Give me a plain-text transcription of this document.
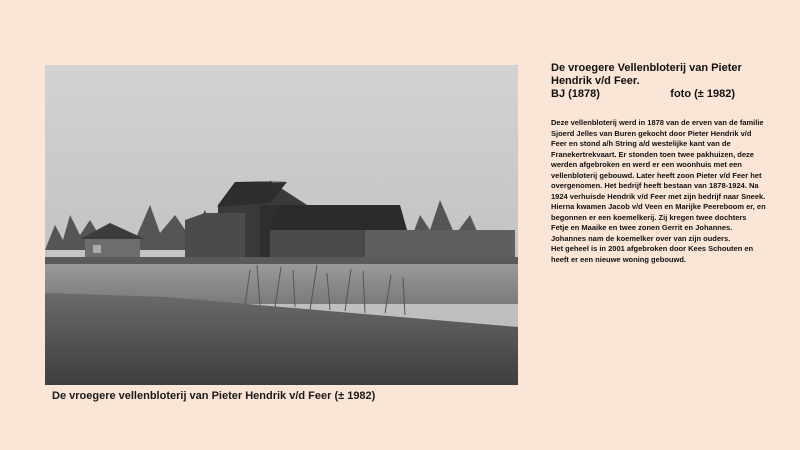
De vroegere vellenbloterij van Pieter Hendrik v/d Feer (± 1982)

De vroegere Vellenbloterij van Pieter Hendrik v/d Feer.

BJ (1878)	foto (± 1982)

Deze vellenbloterij werd in 1878 van de erven van de familie Sjoerd Jelles van Buren gekocht door Pieter Hendrik v/d Feer en stond a/h String a/d westelijke kant van de Franekertrekvaart. Er stonden toen twee pakhuizen, deze werden afgebroken en werd er een woonhuis met een vellenbloterij gebouwd. Later heeft zoon Pieter v/d Feer het overgenomen. Het bedrijf heeft bestaan van 1878-1924. Na 1924 verhuisde Hendrik v/d Feer met zijn bedrijf naar Sneek.

Hierna kwamen Jacob v/d Veen en Marijke Peereboom er, en begonnen er een koemelkerij. Zij kregen twee dochters Fetje en Maaike en twee zonen Gerrit en Johannes. Johannes nam de koemelker over van zijn ouders.

Het geheel is in 2001 afgebroken door Kees Schouten en heeft er een nieuwe woning gebouwd.
